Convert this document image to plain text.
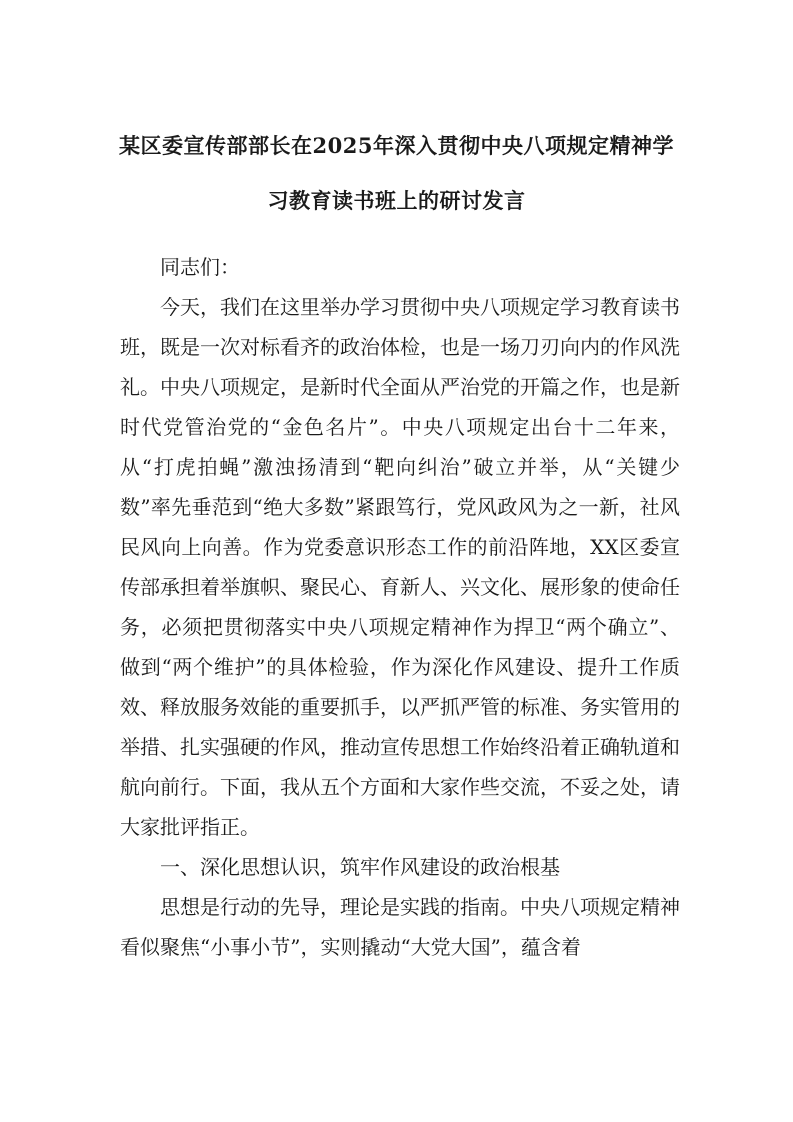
某区委宣传部部长在2025年深入贯彻中央八项规定精神学
习教育读书班上的研讨发言

同志们：

今天，我们在这里举办学习贯彻中央八项规定学习教育读书班，既是一次对标看齐的政治体检，也是一场刀刃向内的作风洗礼。中央八项规定，是新时代全面从严治党的开篇之作，也是新时代党管治党的“金色名片”。中央八项规定出台十二年来，从“打虎拍蝇”激浊扬清到“靶向纠治”破立并举，从“关键少数”率先垂范到“绝大多数”紧跟笃行，党风政风为之一新，社风民风向上向善。作为党委意识形态工作的前沿阵地，XX区委宣传部承担着举旗帜、聚民心、育新人、兴文化、展形象的使命任务，必须把贯彻落实中央八项规定精神作为捍卫“两个确立”、做到“两个维护”的具体检验，作为深化作风建设、提升工作质效、释放服务效能的重要抓手，以严抓严管的标准、务实管用的举措、扎实强硬的作风，推动宣传思想工作始终沿着正确轨道和航向前行。下面，我从五个方面和大家作些交流，不妥之处，请大家批评指正。

一、深化思想认识，筑牢作风建设的政治根基

思想是行动的先导，理论是实践的指南。中央八项规定精神看似聚焦“小事小节”，实则撬动“大党大国”，蕴含着
